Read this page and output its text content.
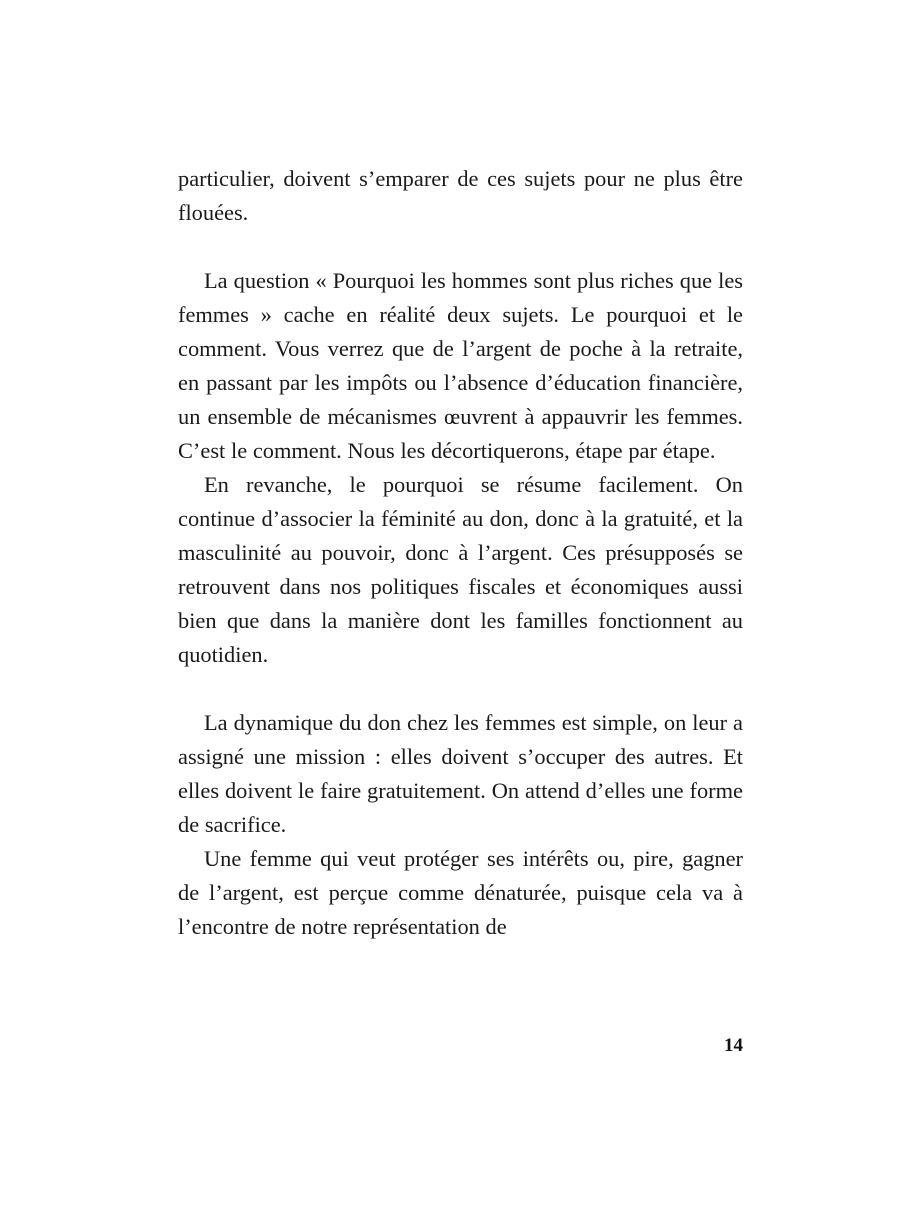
particulier, doivent s’emparer de ces sujets pour ne plus être flouées.

La question « Pourquoi les hommes sont plus riches que les femmes » cache en réalité deux sujets. Le pourquoi et le comment. Vous verrez que de l’argent de poche à la retraite, en passant par les impôts ou l’absence d’éducation financière, un ensemble de mécanismes œuvrent à appauvrir les femmes. C’est le comment. Nous les décortiquerons, étape par étape.

En revanche, le pourquoi se résume facilement. On continue d’associer la féminité au don, donc à la gratuité, et la masculinité au pouvoir, donc à l’argent. Ces présupposés se retrouvent dans nos politiques fiscales et économiques aussi bien que dans la manière dont les familles fonctionnent au quotidien.

La dynamique du don chez les femmes est simple, on leur a assigné une mission : elles doivent s’occuper des autres. Et elles doivent le faire gratuitement. On attend d’elles une forme de sacrifice.

Une femme qui veut protéger ses intérêts ou, pire, gagner de l’argent, est perçue comme dénaturée, puisque cela va à l’encontre de notre représentation de

14
